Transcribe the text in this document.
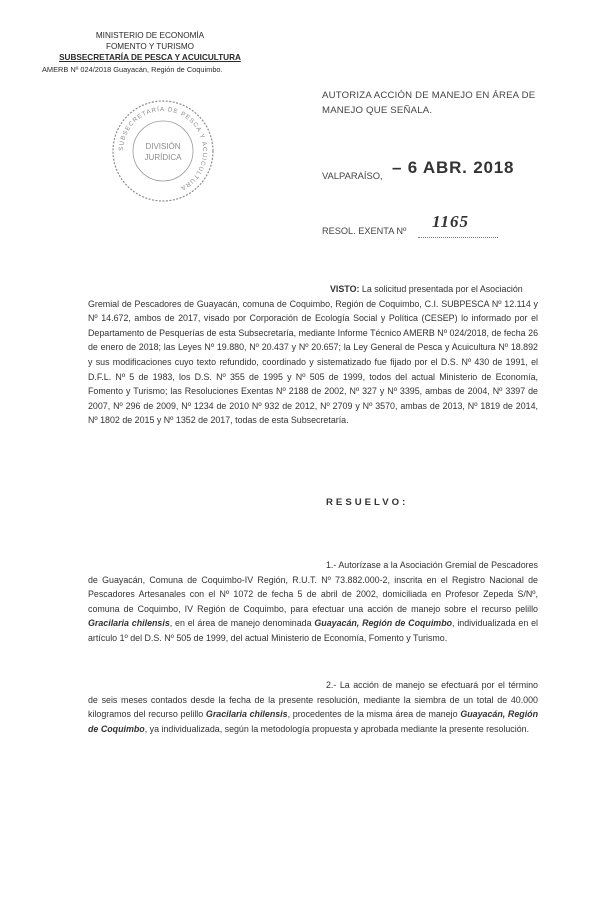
MINISTERIO DE ECONOMÍA
FOMENTO Y TURISMO
SUBSECRETARÍA DE PESCA Y ACUICULTURA
AMERB Nº 024/2018 Guayacán, Región de Coquimbo.
SUBSECRETARÍA DE PESCA Y ACUICULTURA
DIVISIÓN
JURÍDICA
AUTORIZA ACCIÓN DE MANEJO EN ÁREA DE MANEJO QUE SEÑALA.
VALPARAÍSO, – 6 ABR. 2018
RESOL. EXENTA Nº 1165
VISTO: La solicitud presentada por el Asociación
Gremial de Pescadores de Guayacán, comuna de Coquimbo, Región de Coquimbo, C.I. SUBPESCA Nº 12.114 y Nº 14.672, ambos de 2017, visado por Corporación de Ecología Social y Política (CESEP) lo informado por el Departamento de Pesquerías de esta Subsecretaría, mediante Informe Técnico AMERB Nº 024/2018, de fecha 26 de enero de 2018; las Leyes Nº 19.880, Nº 20.437 y Nº 20.657; la Ley General de Pesca y Acuicultura Nº 18.892 y sus modificaciones cuyo texto refundido, coordinado y sistematizado fue fijado por el D.S. Nº 430 de 1991, el D.F.L. Nº 5 de 1983, los D.S. Nº 355 de 1995 y Nº 505 de 1999, todos del actual Ministerio de Economía, Fomento y Turismo; las Resoluciones Exentas Nº 2188 de 2002, Nº 327 y Nº 3395, ambas de 2004, Nº 3397 de 2007, Nº 296 de 2009, Nº 1234 de 2010 Nº 932 de 2012, Nº 2709 y Nº 3570, ambas de 2013, Nº 1819 de 2014, Nº 1802 de 2015 y Nº 1352 de 2017, todas de esta Subsecretaría.
RESUELVO:
1.- Autorízase a la Asociación Gremial de Pescadores de Guayacán, Comuna de Coquimbo-IV Región, R.U.T. Nº 73.882.000-2, inscrita en el Registro Nacional de Pescadores Artesanales con el Nº 1072 de fecha 5 de abril de 2002, domiciliada en Profesor Zepeda S/Nº, comuna de Coquimbo, IV Región de Coquimbo, para efectuar una acción de manejo sobre el recurso pelillo Gracilaria chilensis, en el área de manejo denominada Guayacán, Región de Coquimbo, individualizada en el artículo 1º del D.S. Nº 505 de 1999, del actual Ministerio de Economía, Fomento y Turismo.
2.- La acción de manejo se efectuará por el término de seis meses contados desde la fecha de la presente resolución, mediante la siembra de un total de 40.000 kilogramos del recurso pelillo Gracilaria chilensis, procedentes de la misma área de manejo Guayacán, Región de Coquimbo, ya individualizada, según la metodología propuesta y aprobada mediante la presente resolución.
